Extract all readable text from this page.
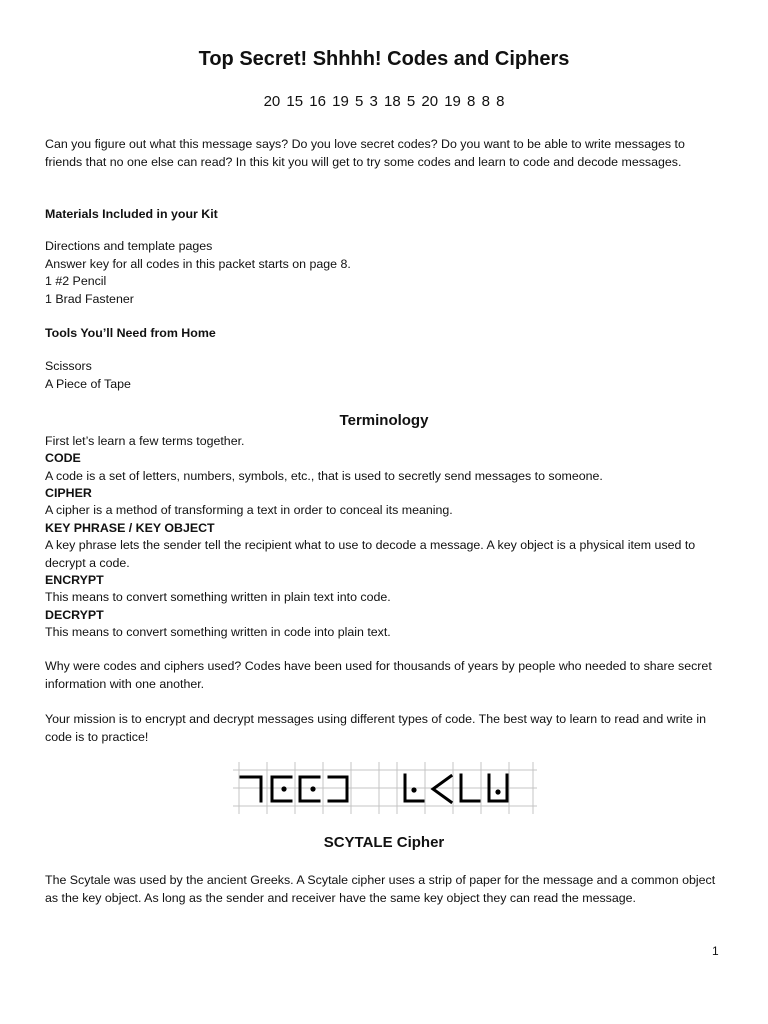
Top Secret! Shhhh! Codes and Ciphers
20 15 16 19 5 3 18 5 20 19 8 8 8
Can you figure out what this message says? Do you love secret codes? Do you want to be able to write messages to friends that no one else can read? In this kit you will get to try some codes and learn to code and decode messages.
Materials Included in your Kit
Directions and template pages
Answer key for all codes in this packet starts on page 8.
1 #2 Pencil
1 Brad Fastener
Tools You’ll Need from Home
Scissors
A Piece of Tape
Terminology
First let’s learn a few terms together.
CODE
A code is a set of letters, numbers, symbols, etc., that is used to secretly send messages to someone.
CIPHER
A cipher is a method of transforming a text in order to conceal its meaning.
KEY PHRASE / KEY OBJECT
A key phrase lets the sender tell the recipient what to use to decode a message. A key object is a physical item used to decrypt a code.
ENCRYPT
This means to convert something written in plain text into code.
DECRYPT
This means to convert something written in code into plain text.
Why were codes and ciphers used? Codes have been used for thousands of years by people who needed to share secret information with one another.
Your mission is to encrypt and decrypt messages using different types of code. The best way to learn to read and write in code is to practice!
SCYTALE Cipher
The Scytale was used by the ancient Greeks. A Scytale cipher uses a strip of paper for the message and a common object as the key object. As long as the sender and receiver have the same key object they can read the message.
1
